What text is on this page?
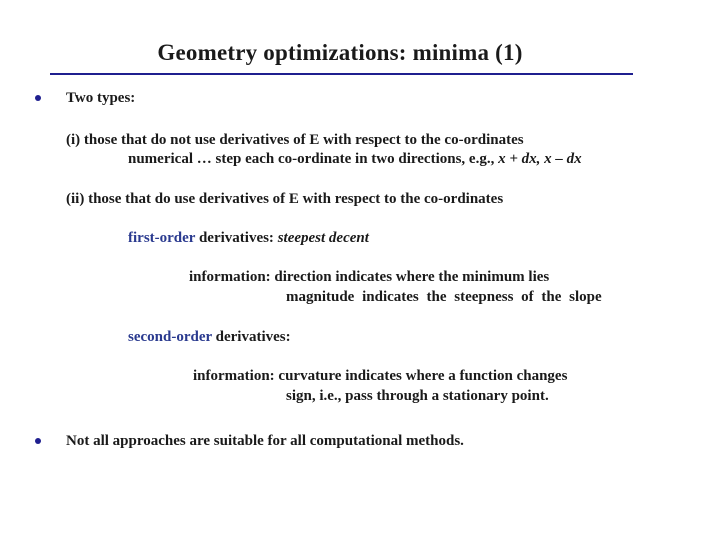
Geometry optimizations: minima (1)
Two types:
(i) those that do not use derivatives of E with respect to the co-ordinates
numerical … step each co-ordinate in two directions, e.g., x + dx, x – dx
(ii) those that do use derivatives of E with respect to the co-ordinates
first-order derivatives: steepest decent
information: direction indicates where the minimum lies
magnitude indicates the steepness of the slope
second-order derivatives:
information: curvature indicates where a function changes
sign, i.e., pass through a stationary point.
Not all approaches are suitable for all computational methods.
